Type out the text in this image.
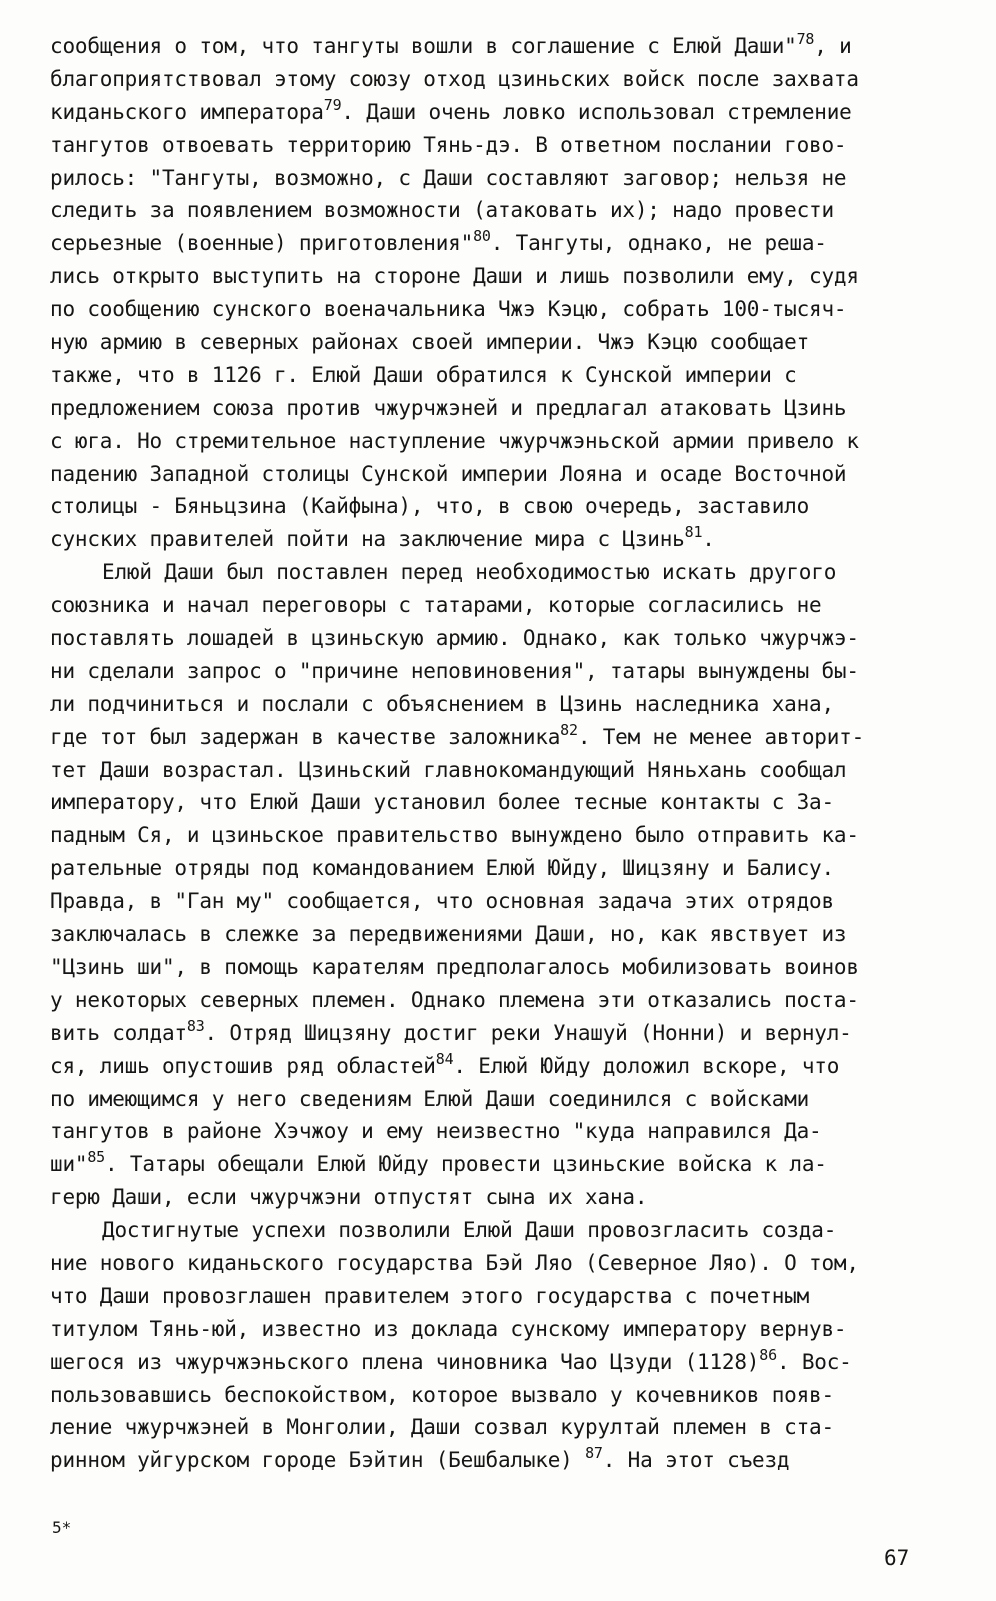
сообщения о том, что тангуты вошли в соглашение с Елюй Даши"$^{78}$, и
благоприятствовал этому союзу отход цзиньских войск после захвата
киданьского императора$^{79}$. Даши очень ловко использовал стремление
тангутов отвоевать территорию Тянь-дэ. В ответном послании гово-
рилось: "Тангуты, возможно, с Даши составляют заговор; нельзя не
следить за появлением возможности (атаковать их); надо провести
серьезные (военные) приготовления"$^{80}$. Тангуты, однако, не реша-
лись открыто выступить на стороне Даши и лишь позволили ему, судя
по сообщению сунского военачальника Чжэ Кэцю, собрать 100-тысяч-
ную армию в северных районах своей империи. Чжэ Кэцю сообщает
также, что в 1126 г. Елюй Даши обратился к Сунской империи с
предложением союза против чжурчжэней и предлагал атаковать Цзинь
с юга. Но стремительное наступление чжурчжэньской армии привело к
падению Западной столицы Сунской империи Лояна и осаде Восточной
столицы - Бяньцзина (Кайфына), что, в свою очередь, заставило
сунских правителей пойти на заключение мира с Цзинь$^{81}$.
Елюй Даши был поставлен перед необходимостью искать другого
союзника и начал переговоры с татарами, которые согласились не
поставлять лошадей в цзиньскую армию. Однако, как только чжурчжэ-
ни сделали запрос о "причине неповиновения", татары вынуждены бы-
ли подчиниться и послали с объяснением в Цзинь наследника хана,
где тот был задержан в качестве заложника$^{82}$. Тем не менее авторит-
тет Даши возрастал. Цзиньский главнокомандующий Няньхань сообщал
императору, что Елюй Даши установил более тесные контакты с За-
падным Ся, и цзиньское правительство вынуждено было отправить ка-
рательные отряды под командованием Елюй Юйду, Шицзяну и Балису.
Правда, в "Ган му" сообщается, что основная задача этих отрядов
заключалась в слежке за передвижениями Даши, но, как явствует из
"Цзинь ши", в помощь карателям предполагалось мобилизовать воинов
у некоторых северных племен. Однако племена эти отказались поста-
вить солдат$^{83}$. Отряд Шицзяну достиг реки Унашуй (Нонни) и вернул-
ся, лишь опустошив ряд областей$^{84}$. Елюй Юйду доложил вскоре, что
по имеющимся у него сведениям Елюй Даши соединился с войсками
тангутов в районе Хэчжоу и ему неизвестно "куда направился Да-
ши"$^{85}$. Татары обещали Елюй Юйду провести цзиньские войска к ла-
герю Даши, если чжурчжэни отпустят сына их хана.
Достигнутые успехи позволили Елюй Даши провозгласить созда-
ние нового киданьского государства Бэй Ляо (Северное Ляо). О том,
что Даши провозглашен правителем этого государства с почетным
титулом Тянь-юй, известно из доклада сунскому императору вернув-
шегося из чжурчжэньского плена чиновника Чао Цзуди $(1128)^{86}$. Вос-
пользовавшись беспокойством, которое вызвало у кочевников появ-
ление чжурчжэней в Монголии, Даши созвал курултай племен в ста-
ринном уйгурском городе Бэйтин (Бешбалыке) $^{87}$. На этот съезд
5*
67
